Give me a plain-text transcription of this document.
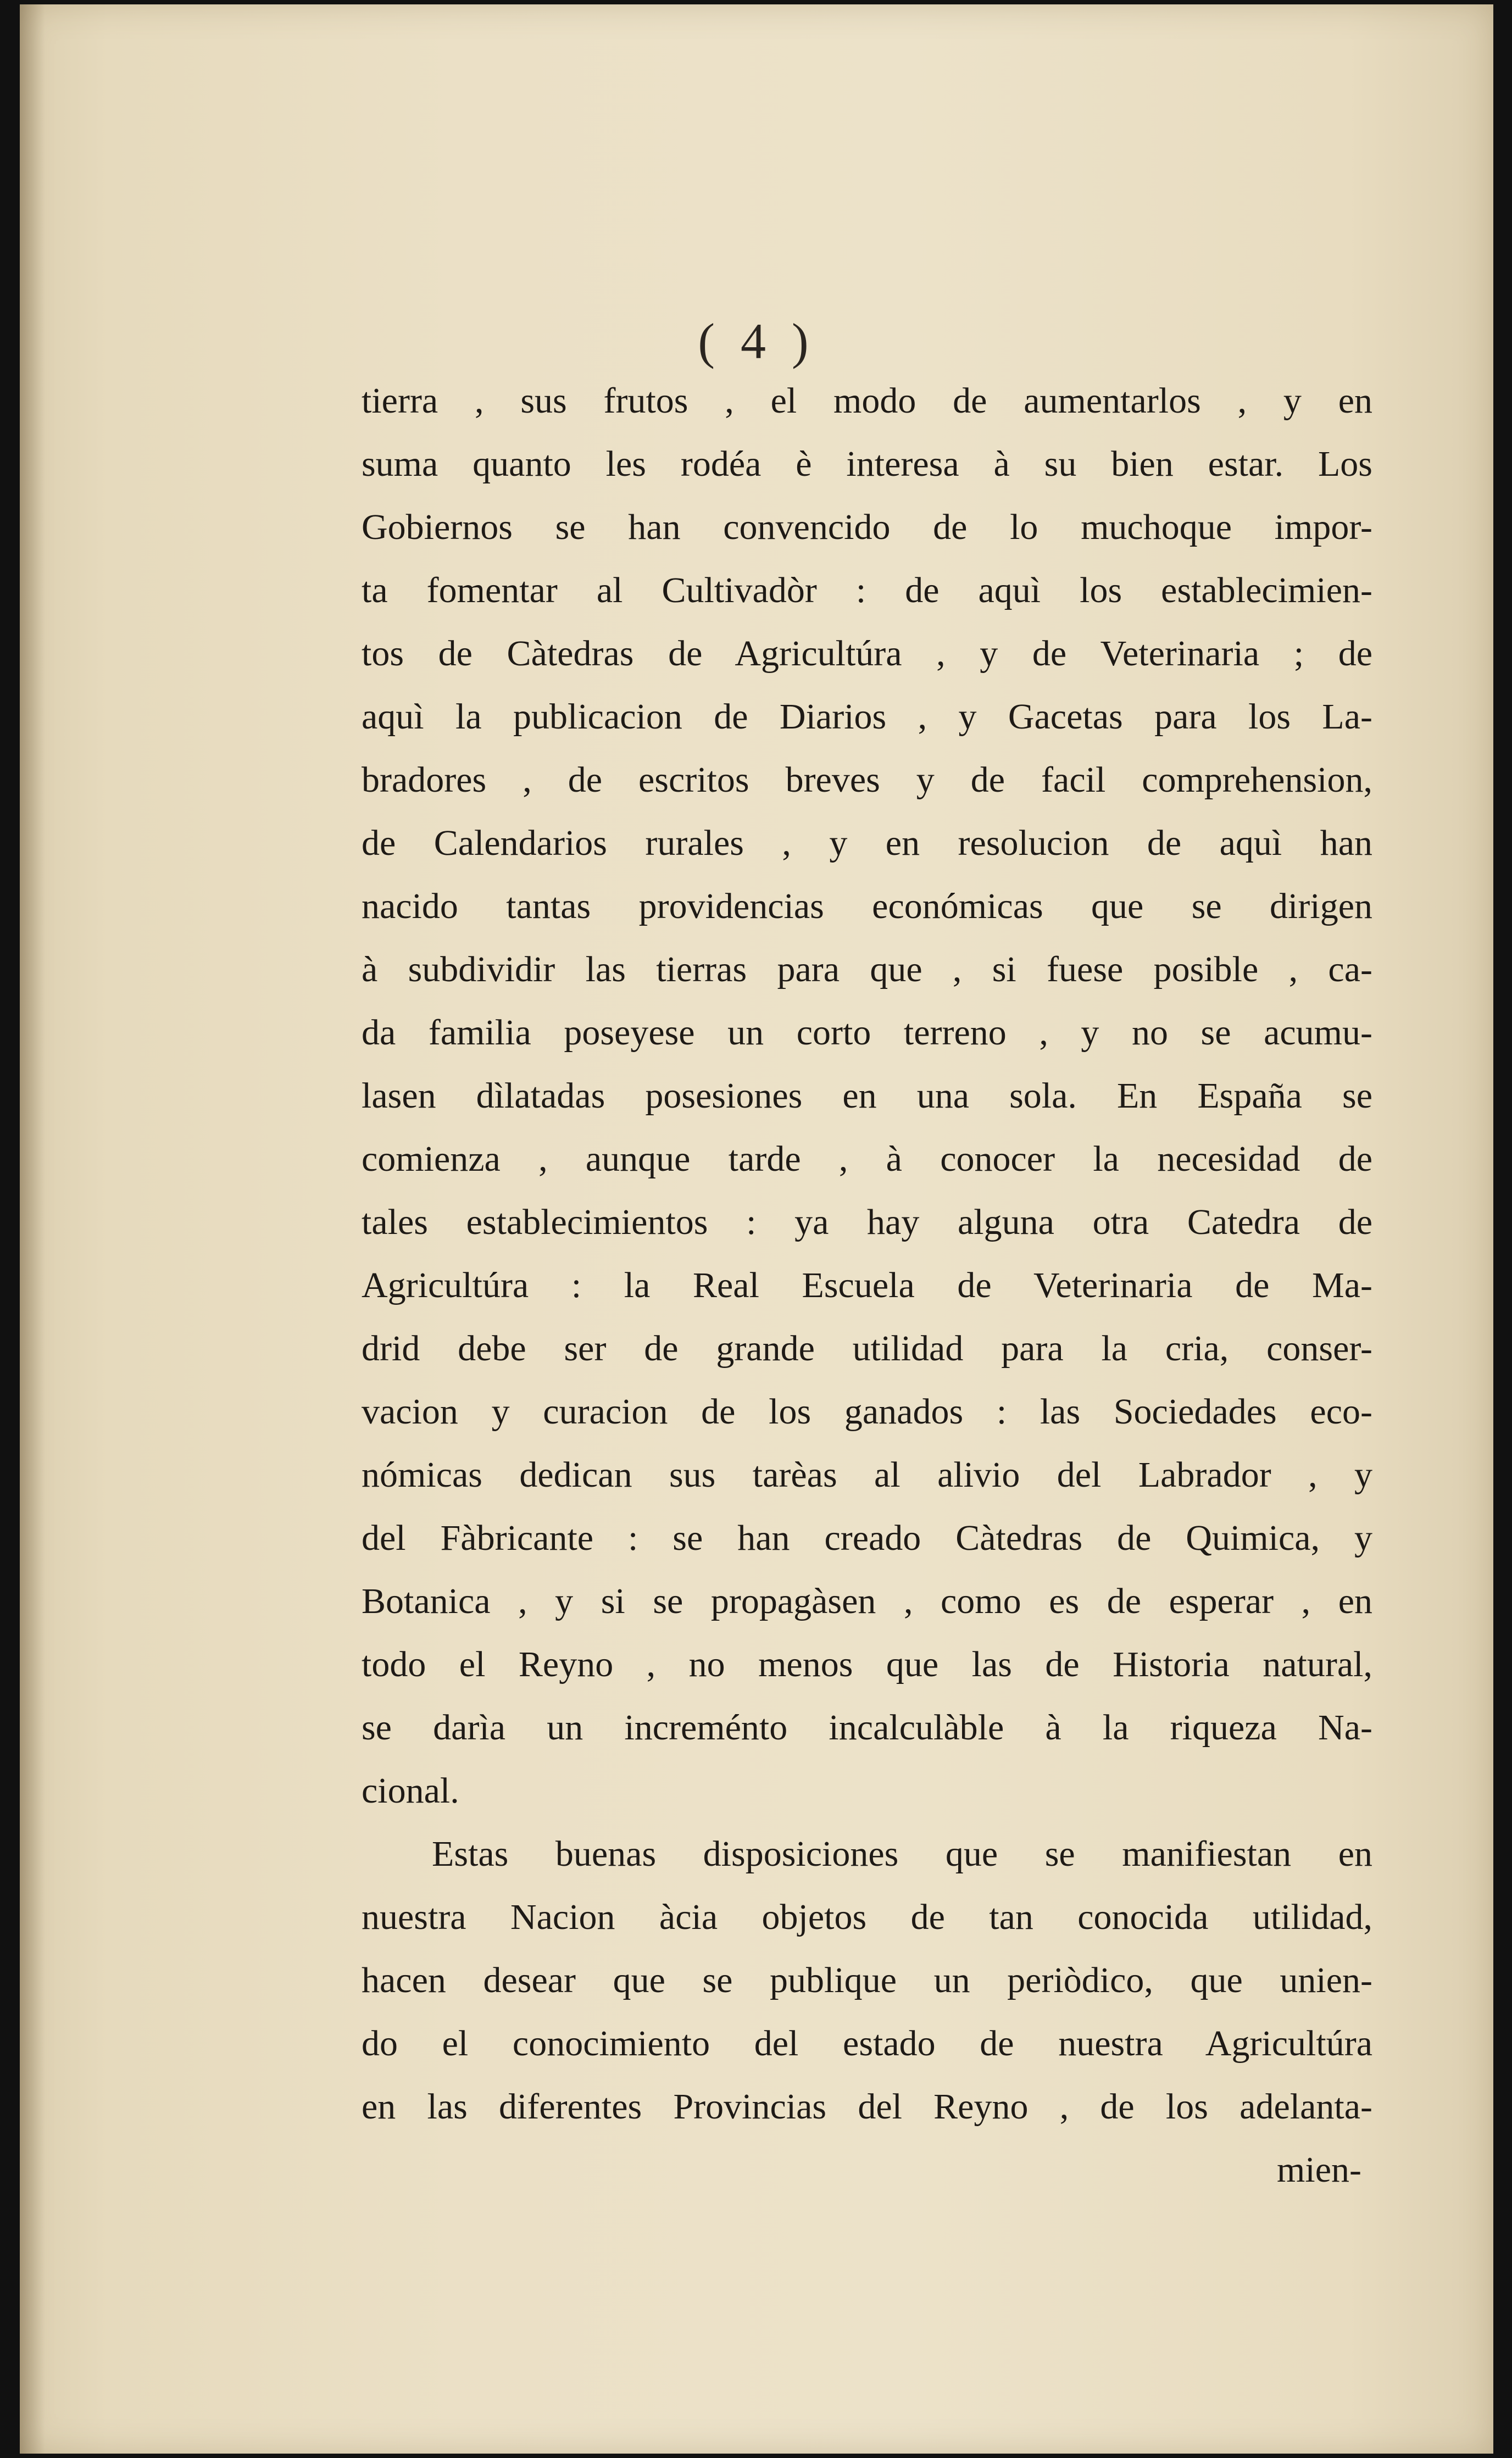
( 4 )
tierra , sus frutos , el modo de aumentarlos , y en
suma quanto les rodéa è interesa à su bien estar. Los
Gobiernos se han convencido de lo muchoque impor-
ta fomentar al Cultivadòr : de aquì los establecimien-
tos de Càtedras de Agricultúra , y de Veterinaria ; de
aquì la publicacion de Diarios , y Gacetas para los La-
bradores , de escritos breves y de facil comprehension,
de Calendarios rurales , y en resolucion de aquì han
nacido tantas providencias económicas que se dirigen
à subdividir las tierras para que , si fuese posible , ca-
da familia poseyese un corto terreno , y no se acumu-
lasen dìlatadas posesiones en una sola. En España se
comienza , aunque tarde , à conocer la necesidad de
tales establecimientos : ya hay alguna otra Catedra de
Agricultúra : la Real Escuela de Veterinaria de Ma-
drid debe ser de grande utilidad para la cria, conser-
vacion y curacion de los ganados : las Sociedades eco-
nómicas dedican sus tarèas al alivio del Labrador , y
del Fàbricante : se han creado Càtedras de Quimica, y
Botanica , y si se propagàsen , como es de esperar , en
todo el Reyno , no menos que las de Historia natural,
se darìa un increménto incalculàble à la riqueza Na-
cional.
Estas buenas disposiciones que se manifiestan en
nuestra Nacion àcia objetos de tan conocida utilidad,
hacen desear que se publique un periòdico, que unien-
do el conocimiento del estado de nuestra Agricultúra
en las diferentes Provincias del Reyno , de los adelanta-
mien-
